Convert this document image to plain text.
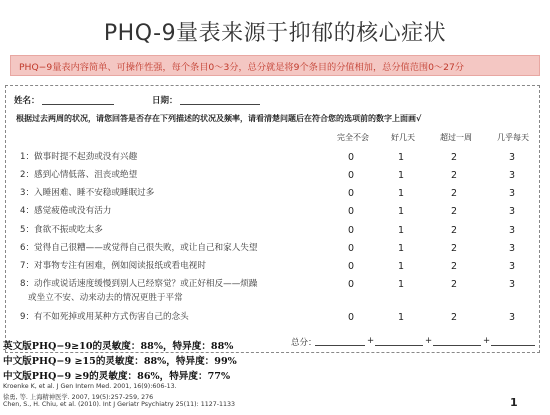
PHQ-9量表来源于抑郁的核心症状
PHQ−9量表内容简单、可操作性强，每个条目0～3分，总分就是将9个条目的分值相加，总分值范围0～27分
姓名：	日期：
根据过去两周的状况，请您回答是否存在下列描述的状况及频率，请看清楚问题后在符合您的选项前的数字上面画√
完全不会	好几天	超过一周	几乎每天
1：做事时提不起劲或没有兴趣	0	1	2	3
2：感到心情低落、沮丧或绝望	0	1	2	3
3：入睡困难、睡不安稳或睡眠过多	0	1	2	3
4：感觉疲倦或没有活力	0	1	2	3
5：食欲不振或吃太多	0	1	2	3
6：觉得自己很糟——或觉得自己很失败，或让自己和家人失望	0	1	2	3
7：对事物专注有困难，例如阅读报纸或看电视时	0	1	2	3
8：动作或说话速度缓慢到别人已经察觉？或正好相反——烦躁
或坐立不安、动来动去的情况更胜于平常
0	1	2	3
9：有不如死掉或用某种方式伤害自己的念头	0	1	2	3
总分：	+	+	+
英文版PHQ−9≥10的灵敏度：88%，特异度：88%
中文版PHQ−9 ≥15的灵敏度：88%，特异度：99%
中文版PHQ−9 ≥9的灵敏度：86%，特异度：77%
Kroenke K, et al. J Gen Intern Med. 2001, 16(9):606-13.
徐勇, 等. 上海精神医学. 2007, 19(5):257-259, 276
Chen, S., H. Chiu, et al. (2010). Int J Geriatr Psychiatry 25(11): 1127-1133	1
